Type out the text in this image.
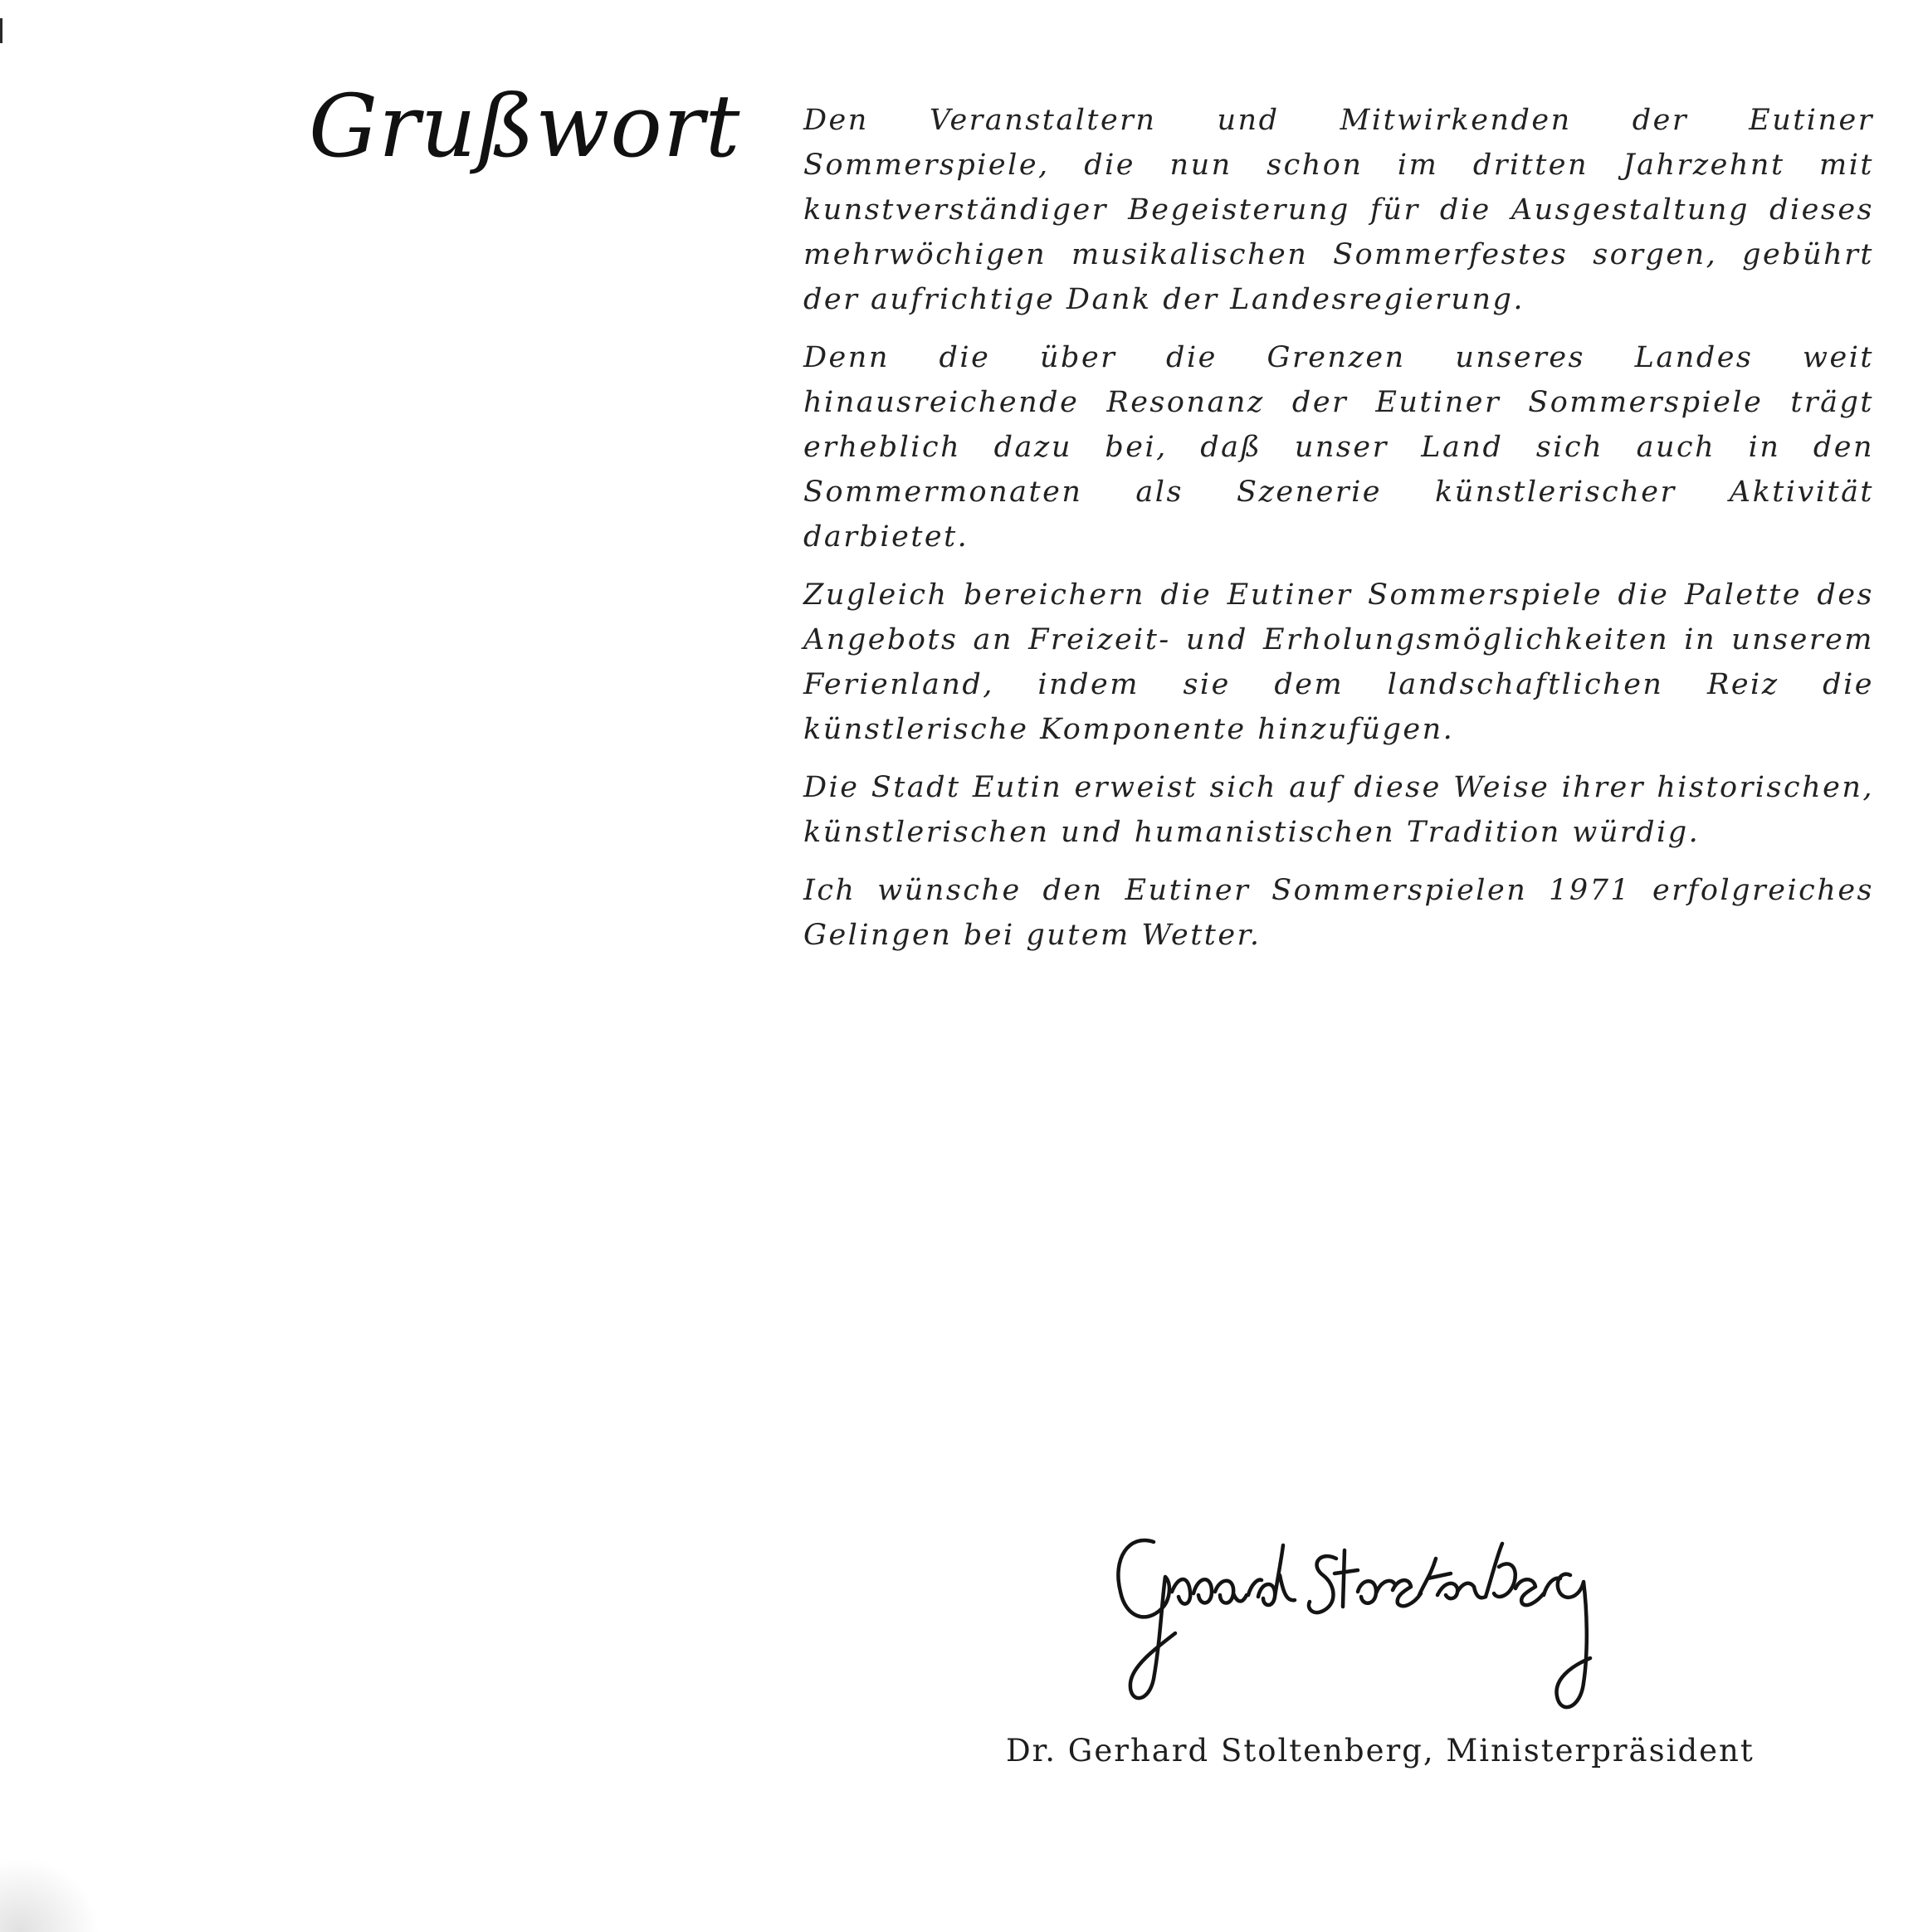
Grußwort Den Veranstaltern und Mitwirkenden der Eutiner Sommerspiele, die nun schon im dritten Jahrzehnt mit kunstverständiger Begeisterung für die Ausgestaltung dieses mehrwöchigen musikalischen Sommerfestes sorgen, gebührt der aufrichtige Dank der Landesregierung.

Denn die über die Grenzen unseres Landes weit hinausreichende Resonanz der Eutiner Sommerspiele trägt erheblich dazu bei, daß unser Land sich auch in den Sommermonaten als Szenerie künstlerischer Aktivität darbietet.

Zugleich bereichern die Eutiner Sommerspiele die Palette des Angebots an Freizeit- und Erholungsmöglichkeiten in unserem Ferienland, indem sie dem landschaftlichen Reiz die künstlerische Komponente hinzufügen.

Die Stadt Eutin erweist sich auf diese Weise ihrer historischen, künstlerischen und humanistischen Tradition würdig.

Ich wünsche den Eutiner Sommerspielen 1971 erfolgreiches Gelingen bei gutem Wetter.

Dr. Gerhard Stoltenberg, Ministerpräsident
